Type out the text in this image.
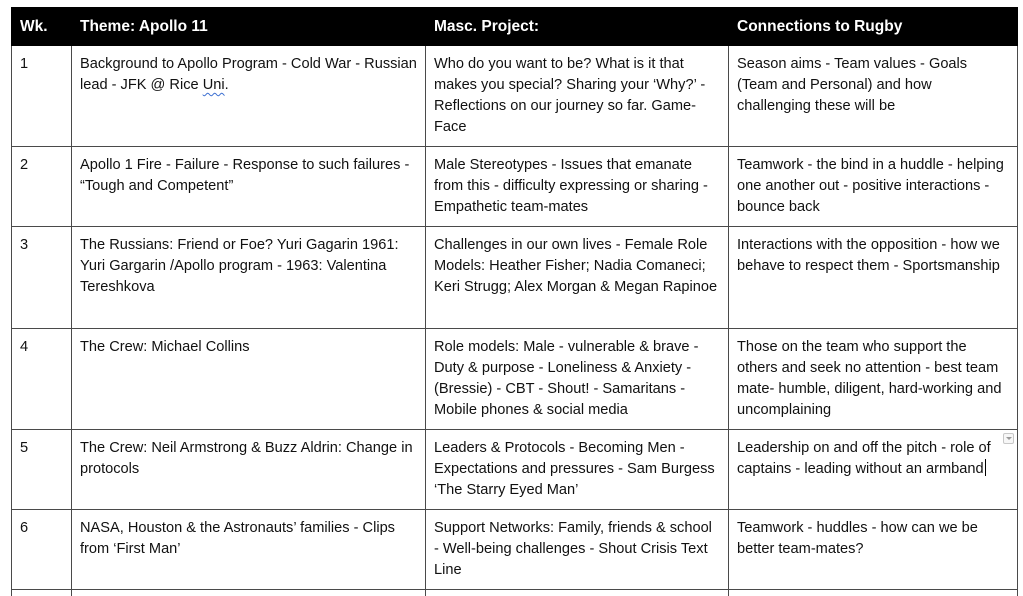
Wk.	Theme: Apollo 11	Masc. Project:	Connections to Rugby
1	Background to Apollo Program - Cold War - Russian lead - JFK @ Rice Uni.	Who do you want to be? What is it that makes you special? Sharing your ‘Why?’ - Reflections on our journey so far. Game-Face	Season aims - Team values - Goals (Team and Personal) and how challenging these will be
2	Apollo 1 Fire - Failure - Response to such failures - “Tough and Competent”	Male Stereotypes - Issues that emanate from this - difficulty expressing or sharing - Empathetic team-mates	Teamwork - the bind in a huddle - helping one another out - positive interactions - bounce back
3	The Russians: Friend or Foe? Yuri Gagarin 1961: Yuri Gargarin /Apollo program - 1963: Valentina Tereshkova	Challenges in our own lives - Female Role Models: Heather Fisher; Nadia Comaneci; Keri Strugg; Alex Morgan & Megan Rapinoe	Interactions with the opposition - how we behave to respect them - Sportsmanship
4	The Crew: Michael Collins	Role models: Male - vulnerable & brave - Duty & purpose - Loneliness & Anxiety - (Bressie) - CBT - Shout! - Samaritans - Mobile phones & social media	Those on the team who support the others and seek no attention - best team mate- humble, diligent, hard-working and uncomplaining
5	The Crew: Neil Armstrong & Buzz Aldrin: Change in protocols	Leaders & Protocols - Becoming Men - Expectations and pressures - Sam Burgess ‘The Starry Eyed Man’	Leadership on and off the pitch - role of captains - leading without an armband

6	NASA, Houston & the Astronauts’ families - Clips from ‘First Man’	Support Networks: Family, friends & school - Well-being challenges - Shout Crisis Text Line	Teamwork - huddles - how can we be better team-mates?
